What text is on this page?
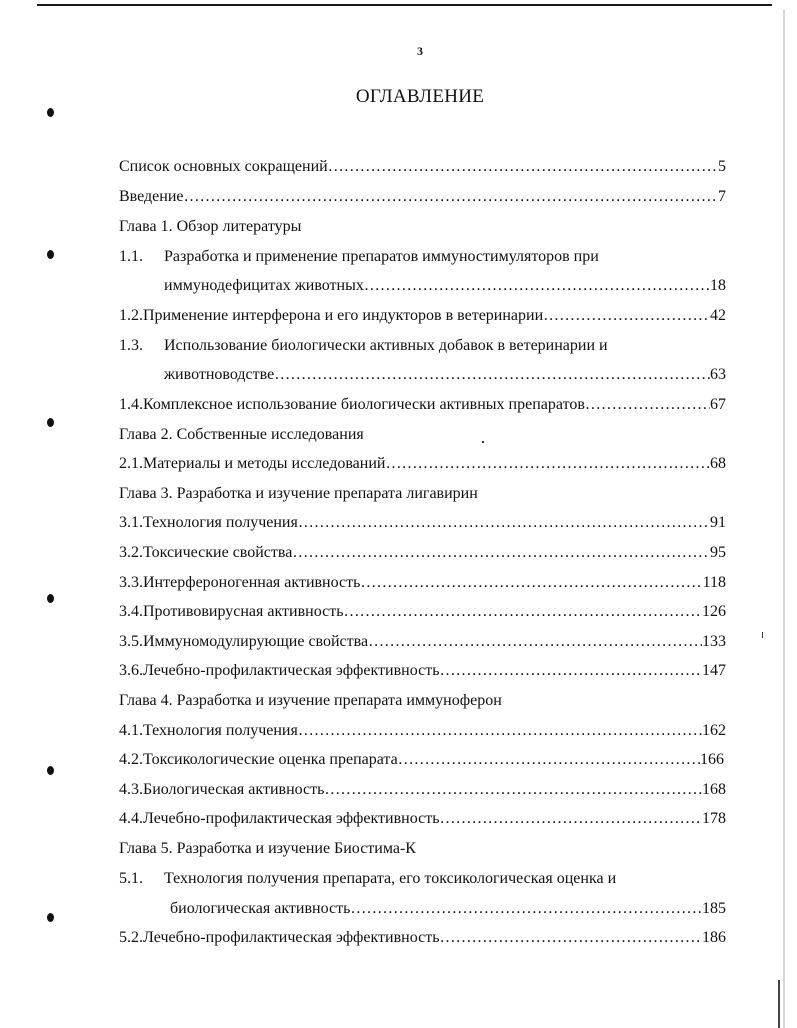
3
ОГЛАВЛЕНИЕ
Список основных сокращений ……………………………………………………………………………………………………………………………………………………	5
Введение ……………………………………………………………………………………………………………………………………………………	7
Глава 1. Обзор литературы
1.1.	Разработка и применение препаратов иммуностимуляторов при
иммунодефицитах животных ……………………………………………………………………………………………………………………………………………………	18
1.2. Применение интерферона и его индукторов в ветеринарии ……………………………………………………………………………………………………………………………………………………	42
1.3.	Использование биологически активных добавок в ветеринарии и
животноводстве ……………………………………………………………………………………………………………………………………………………	63
1.4. Комплексное использование биологически активных препаратов ……………………………………………………………………………………………………………………………………………………	67
Глава 2. Собственные исследования
2.1. Материалы и методы исследований ……………………………………………………………………………………………………………………………………………………	68
Глава 3. Разработка и изучение препарата лигавирин
3.1. Технология получения ……………………………………………………………………………………………………………………………………………………	91
3.2. Токсические свойства ……………………………………………………………………………………………………………………………………………………	95
3.3. Интерфероногенная активность ……………………………………………………………………………………………………………………………………………………	118
3.4. Противовирусная активность ……………………………………………………………………………………………………………………………………………………	126
3.5. Иммуномодулирующие свойства ……………………………………………………………………………………………………………………………………………………	133
3.6. Лечебно-профилактическая эффективность ……………………………………………………………………………………………………………………………………………………	147
Глава 4. Разработка и изучение препарата иммуноферон
4.1. Технология получения ……………………………………………………………………………………………………………………………………………………	162
4.2. Токсикологические оценка препарата ……………………………………………………………………………………………………………………………………………………	166
4.3. Биологическая активность ……………………………………………………………………………………………………………………………………………………	168
4.4. Лечебно-профилактическая эффективность ……………………………………………………………………………………………………………………………………………………	178
Глава 5. Разработка и изучение Биостима-К
5.1.	Технология получения препарата, его токсикологическая оценка и
биологическая активность ……………………………………………………………………………………………………………………………………………………	185
5.2. Лечебно-профилактическая эффективность ……………………………………………………………………………………………………………………………………………………	186
